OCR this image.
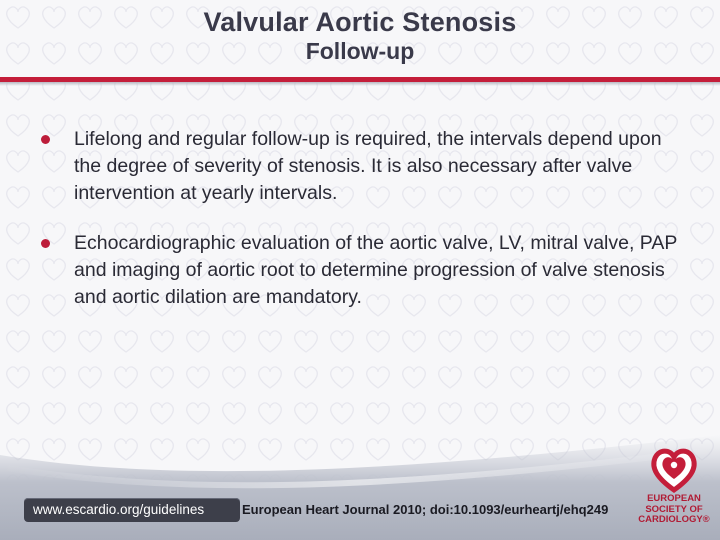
Valvular Aortic Stenosis
Follow-up
Lifelong and regular follow-up is required, the intervals depend upon the degree of severity of stenosis. It is also necessary after valve intervention at yearly intervals.
Echocardiographic evaluation of the aortic valve, LV, mitral valve, PAP and imaging of aortic root to determine progression of valve stenosis and aortic dilation are mandatory.
www.escardio.org/guidelines	European Heart Journal 2010; doi:10.1093/eurheartj/ehq249
EUROPEAN
SOCIETY OF
CARDIOLOGY®
